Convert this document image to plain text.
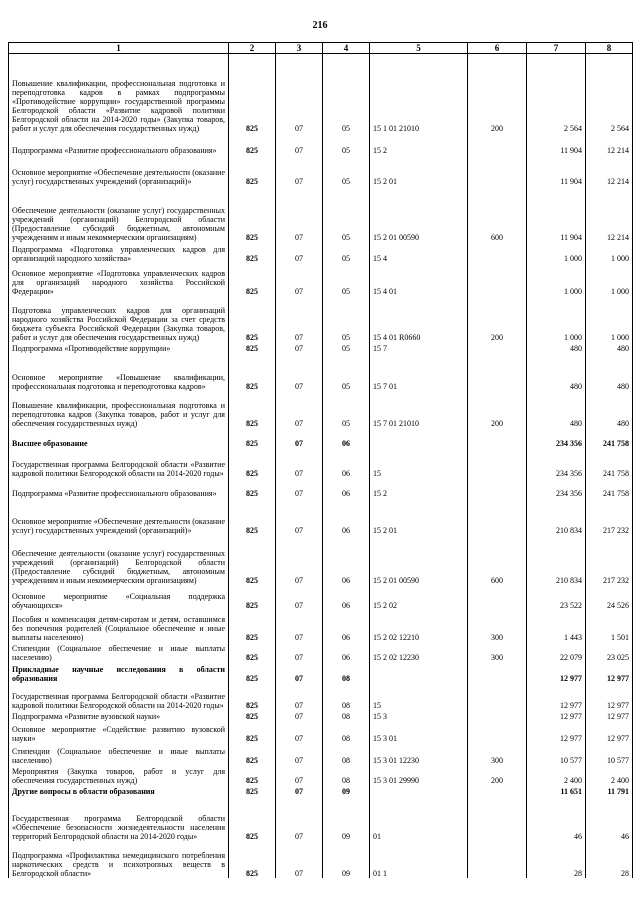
216
1	2	3	4	5	6	7	8
Повышение квалификации, профессиональная подготовка и переподготовка кадров в рамках подпрограммы «Противодействие коррупции» государственной программы Белгородской области «Развитие кадровой политики Белгородской области на 2014-2020 годы» (Закупка товаров, работ и услуг для обеспечения государственных нужд)	825	07	05	15 1 01 21010	200	2 564	2 564
Подпрограмма «Развитие профессионального образования»	825	07	05	15 2		11 904	12 214
Основное мероприятие «Обеспечение деятельности (оказание услуг) государственных учреждений (организаций)»	825	07	05	15 2 01		11 904	12 214
Обеспечение деятельности (оказание услуг) государственных учреждений (организаций) Белгородской области (Предоставление субсидий бюджетным, автономным учреждениям и иным некоммерческим организациям)	825	07	05	15 2 01 00590	600	11 904	12 214
Подпрограмма «Подготовка управленческих кадров для организаций народного хозяйства»	825	07	05	15 4		1 000	1 000
Основное мероприятие «Подготовка управленческих кадров для организаций народного хозяйства Российской Федерации»	825	07	05	15 4 01		1 000	1 000
Подготовка управленческих кадров для организаций народного хозяйства Российской Федерации за счет средств бюджета субъекта Российской Федерации (Закупка товаров, работ и услуг для обеспечения государственных нужд)	825	07	05	15 4 01 R0660	200	1 000	1 000
Подпрограмма «Противодействие коррупции»	825	07	05	15 7		480	480
Основное мероприятие «Повышение квалификации, профессиональная подготовка и переподготовка кадров»	825	07	05	15 7 01		480	480
Повышение квалификации, профессиональная подготовка и переподготовка кадров (Закупка товаров, работ и услуг для обеспечения государственных нужд)	825	07	05	15 7 01 21010	200	480	480
Высшее образование	825	07	06			234 356	241 758
Государственная программа Белгородской области «Развитие кадровой политики Белгородской области на 2014-2020 годы»	825	07	06	15		234 356	241 758
Подпрограмма «Развитие профессионального образования»	825	07	06	15 2		234 356	241 758
Основное мероприятие «Обеспечение деятельности (оказание услуг) государственных учреждений (организаций)»	825	07	06	15 2 01		210 834	217 232
Обеспечение деятельности (оказание услуг) государственных учреждений (организаций) Белгородской области (Предоставление субсидий бюджетным, автономным учреждениям и иным некоммерческим организациям)	825	07	06	15 2 01 00590	600	210 834	217 232
Основное мероприятие «Социальная поддержка обучающихся»	825	07	06	15 2 02		23 522	24 526
Пособия и компенсация детям-сиротам и детям, оставшимся без попечения родителей (Социальное обеспечение и иные выплаты населению)	825	07	06	15 2 02 12210	300	1 443	1 501
Стипендии (Социальное обеспечение и иные выплаты населению)	825	07	06	15 2 02 12230	300	22 079	23 025
Прикладные научные исследования в области образования	825	07	08			12 977	12 977
Государственная программа Белгородской области «Развитие кадровой политики Белгородской области на 2014-2020 годы»	825	07	08	15		12 977	12 977
Подпрограмма «Развитие вузовской науки»	825	07	08	15 3		12 977	12 977
Основное мероприятие «Содействие развитию вузовской науки»	825	07	08	15 3 01		12 977	12 977
Стипендии (Социальное обеспечение и иные выплаты населению)	825	07	08	15 3 01 12230	300	10 577	10 577
Мероприятия (Закупка товаров, работ и услуг для обеспечения государственных нужд)	825	07	08	15 3 01 29990	200	2 400	2 400
Другие вопросы в области образования	825	07	09			11 651	11 791
Государственная программа Белгородской области «Обеспечение безопасности жизнедеятельности населения территорий Белгородской области на 2014-2020 годы»	825	07	09	01		46	46
Подпрограмма «Профилактика немедицинского потребления наркотических средств и психотропных веществ в Белгородской области»	825	07	09	01 1		28	28
